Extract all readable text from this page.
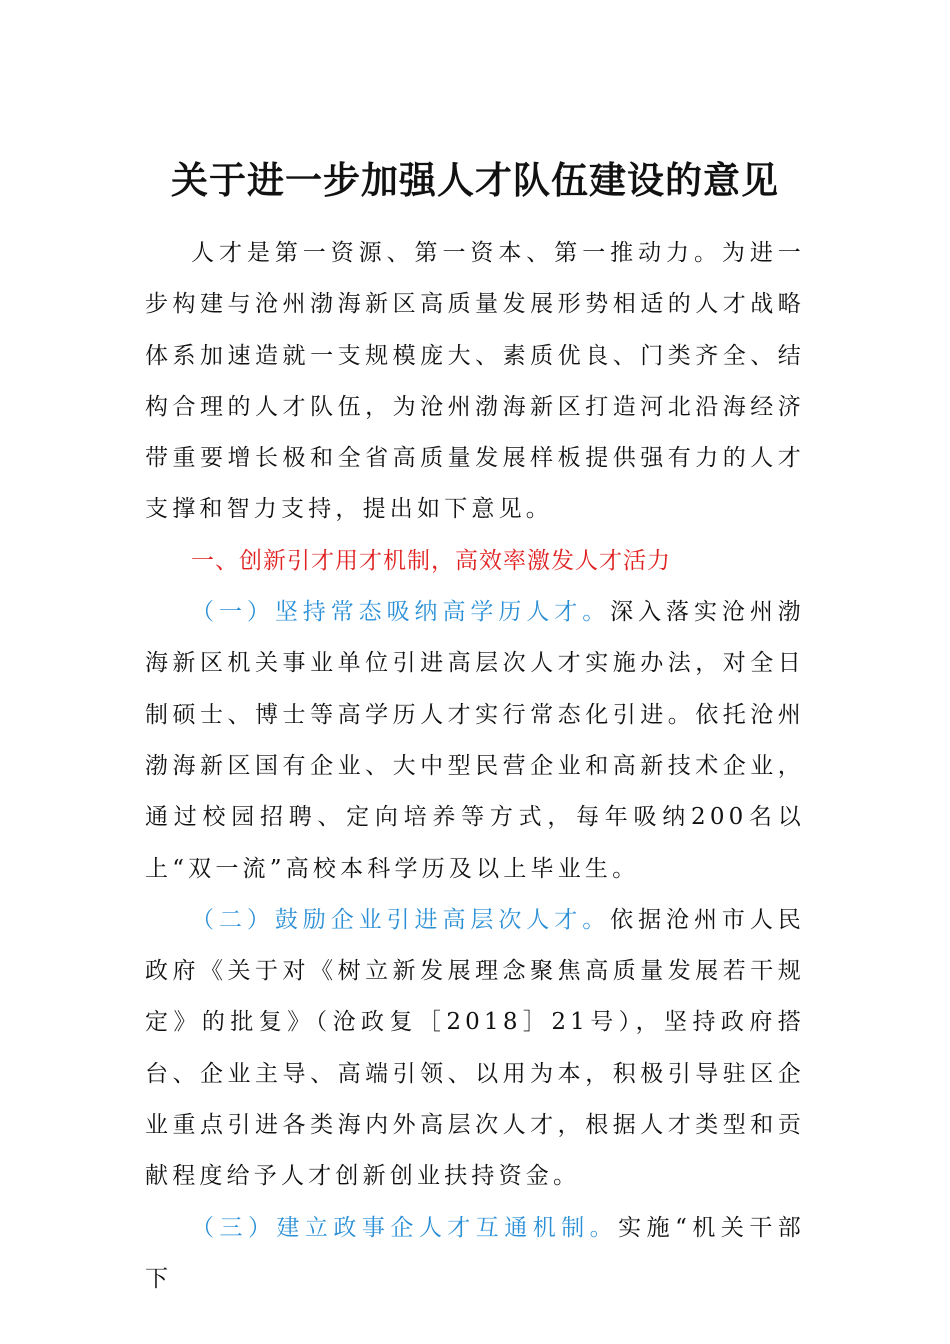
关于进一步加强人才队伍建设的意见

人才是第一资源、第一资本、第一推动力。为进一步构建与沧州渤海新区高质量发展形势相适的人才战略体系加速造就一支规模庞大、素质优良、门类齐全、结构合理的人才队伍，为沧州渤海新区打造河北沿海经济带重要增长极和全省高质量发展样板提供强有力的人才支撑和智力支持，提出如下意见。

一、创新引才用才机制，高效率激发人才活力

（一）坚持常态吸纳高学历人才。深入落实沧州渤海新区机关事业单位引进高层次人才实施办法，对全日制硕士、博士等高学历人才实行常态化引进。依托沧州渤海新区国有企业、大中型民营企业和高新技术企业，通过校园招聘、定向培养等方式，每年吸纳200名以上“双一流”高校本科学历及以上毕业生。

（二）鼓励企业引进高层次人才。依据沧州市人民政府《关于对《树立新发展理念聚焦高质量发展若干规定》的批复》（沧政复［2018］21号），坚持政府搭台、企业主导、高端引领、以用为本，积极引导驻区企业重点引进各类海内外高层次人才，根据人才类型和贡献程度给予人才创新创业扶持资金。

（三）建立政事企人才互通机制。实施“机关干部下
